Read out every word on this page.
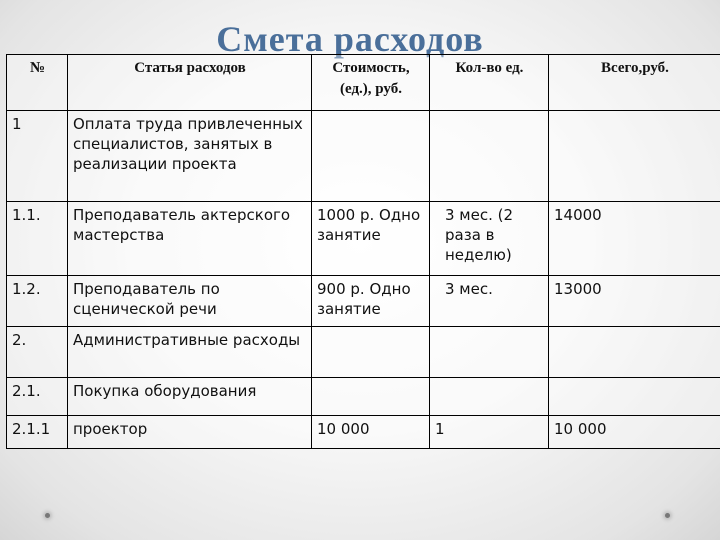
Смета расходов
№	Статья расходов	Стоимость, (ед.), руб.	Кол-во ед.	Всего,руб.
1	Оплата труда привлеченных специалистов, занятых в реализации проекта			
1.1.	Преподаватель актерского мастерства	1000 р. Одно занятие	3 мес. (2 раза в неделю)	14000
1.2.	Преподаватель по сценической речи	900 р. Одно занятие	3 мес.	13000
2.	Административные расходы			
2.1.	Покупка оборудования			
2.1.1	проектор	10 000	1	10 000
